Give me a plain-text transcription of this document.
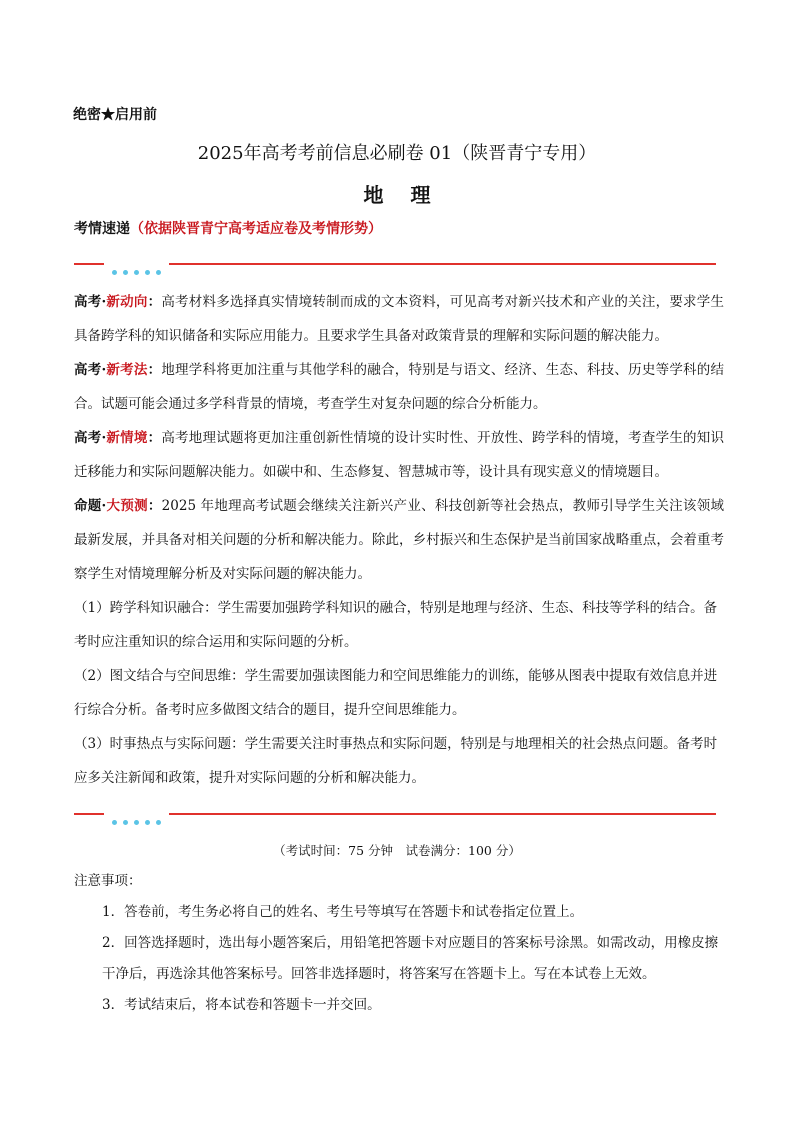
绝密★启用前
2025年高考考前信息必刷卷 01（陕晋青宁专用）
地 理
考情速递（依据陕晋青宁高考适应卷及考情形势）

高考·新动向：高考材料多选择真实情境转制而成的文本资料，可见高考对新兴技术和产业的关注，要求学生具备跨学科的知识储备和实际应用能力。且要求学生具备对政策背景的理解和实际问题的解决能力。

高考·新考法：地理学科将更加注重与其他学科的融合，特别是与语文、经济、生态、科技、历史等学科的结合。试题可能会通过多学科背景的情境，考查学生对复杂问题的综合分析能力。

高考·新情境：高考地理试题将更加注重创新性情境的设计实时性、开放性、跨学科的情境，考查学生的知识迁移能力和实际问题解决能力。如碳中和、生态修复、智慧城市等，设计具有现实意义的情境题目。

命题·大预测：2025 年地理高考试题会继续关注新兴产业、科技创新等社会热点，教师引导学生关注该领域最新发展，并具备对相关问题的分析和解决能力。除此，乡村振兴和生态保护是当前国家战略重点，会着重考察学生对情境理解分析及对实际问题的解决能力。

（1）跨学科知识融合：学生需要加强跨学科知识的融合，特别是地理与经济、生态、科技等学科的结合。备考时应注重知识的综合运用和实际问题的分析。

（2）图文结合与空间思维：学生需要加强读图能力和空间思维能力的训练，能够从图表中提取有效信息并进行综合分析。备考时应多做图文结合的题目，提升空间思维能力。

（3）时事热点与实际问题：学生需要关注时事热点和实际问题，特别是与地理相关的社会热点问题。备考时应多关注新闻和政策，提升对实际问题的分析和解决能力。

（考试时间：75 分钟　试卷满分：100 分）

注意事项：

1．答卷前，考生务必将自己的姓名、考生号等填写在答题卡和试卷指定位置上。

2．回答选择题时，选出每小题答案后，用铅笔把答题卡对应题目的答案标号涂黑。如需改动，用橡皮擦干净后，再选涂其他答案标号。回答非选择题时，将答案写在答题卡上。写在本试卷上无效。

3．考试结束后，将本试卷和答题卡一并交回。
